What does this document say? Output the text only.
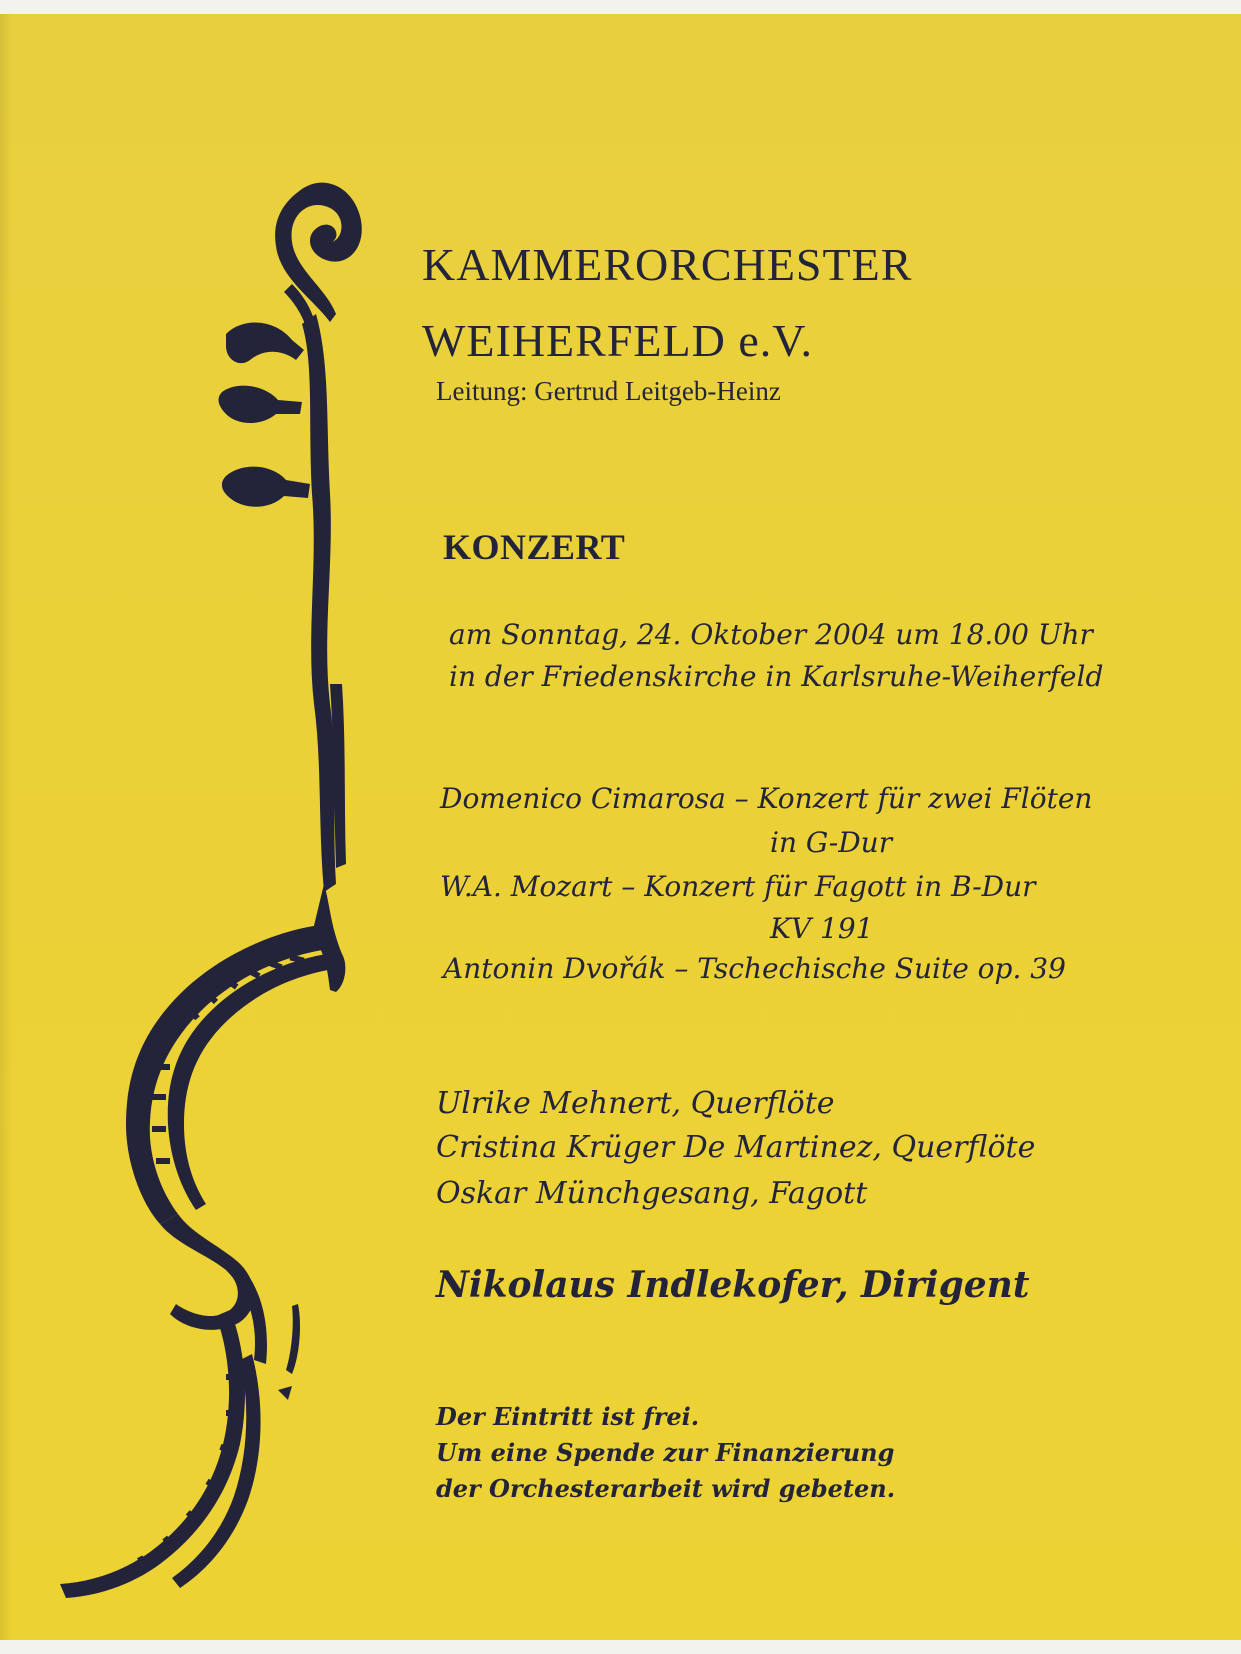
KAMMERORCHESTER

WEIHERFELD e.V.

Leitung: Gertrud Leitgeb-Heinz

KONZERT

am Sonntag, 24. Oktober 2004 um 18.00 Uhr

in der Friedenskirche in Karlsruhe-Weiherfeld

Domenico Cimarosa – Konzert für zwei Flöten

in G-Dur

W.A. Mozart – Konzert für Fagott in B-Dur

KV 191

Antonin Dvořák – Tschechische Suite op. 39

Ulrike Mehnert, Querflöte

Cristina Krüger De Martinez, Querflöte

Oskar Münchgesang, Fagott

Nikolaus Indlekofer, Dirigent

Der Eintritt ist frei.

Um eine Spende zur Finanzierung

der Orchesterarbeit wird gebeten.
